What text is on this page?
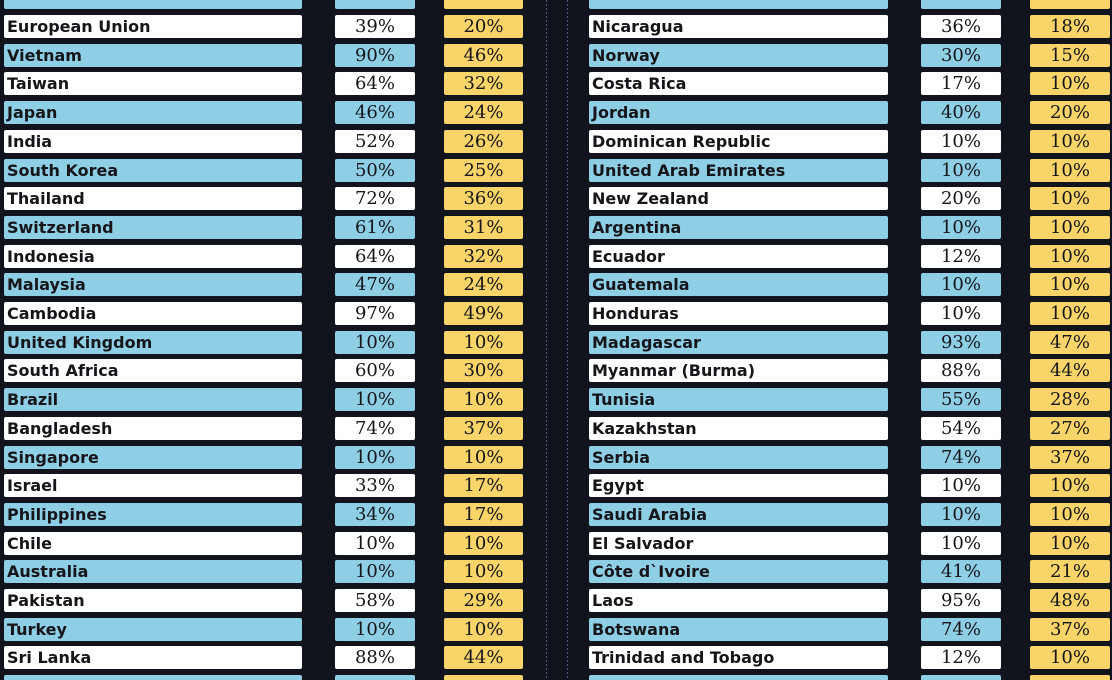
European Union	39%	20%
Vietnam	90%	46%
Taiwan	64%	32%
Japan	46%	24%
India	52%	26%
South Korea	50%	25%
Thailand	72%	36%
Switzerland	61%	31%
Indonesia	64%	32%
Malaysia	47%	24%
Cambodia	97%	49%
United Kingdom	10%	10%
South Africa	60%	30%
Brazil	10%	10%
Bangladesh	74%	37%
Singapore	10%	10%
Israel	33%	17%
Philippines	34%	17%
Chile	10%	10%
Australia	10%	10%
Pakistan	58%	29%
Turkey	10%	10%
Sri Lanka	88%	44%
Nicaragua	36%	18%
Norway	30%	15%
Costa Rica	17%	10%
Jordan	40%	20%
Dominican Republic	10%	10%
United Arab Emirates	10%	10%
New Zealand	20%	10%
Argentina	10%	10%
Ecuador	12%	10%
Guatemala	10%	10%
Honduras	10%	10%
Madagascar	93%	47%
Myanmar (Burma)	88%	44%
Tunisia	55%	28%
Kazakhstan	54%	27%
Serbia	74%	37%
Egypt	10%	10%
Saudi Arabia	10%	10%
El Salvador	10%	10%
Côte d`Ivoire	41%	21%
Laos	95%	48%
Botswana	74%	37%
Trinidad and Tobago	12%	10%
